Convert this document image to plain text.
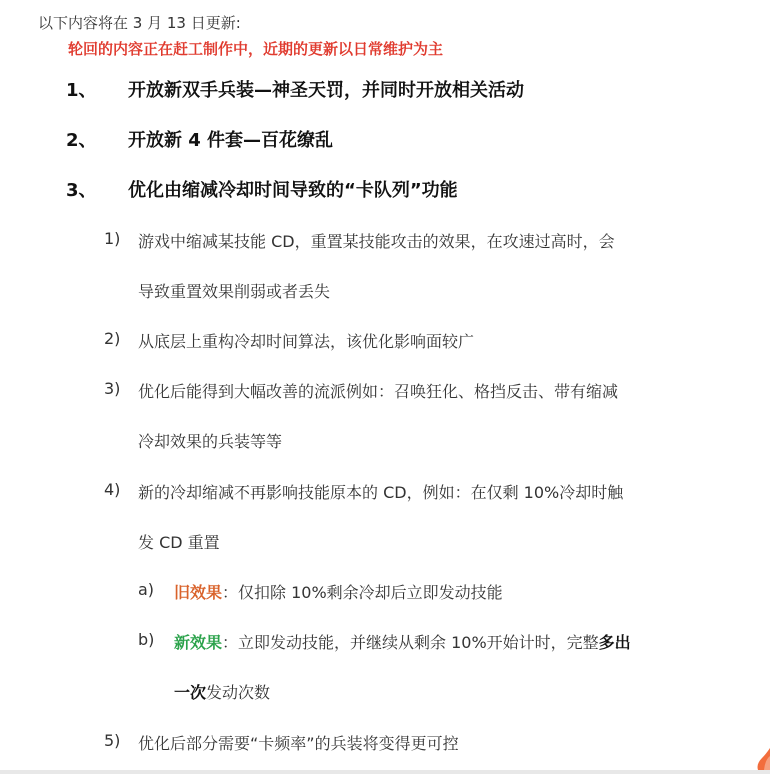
以下内容将在 3 月 13 日更新:
轮回的内容正在赶工制作中，近期的更新以日常维护为主
1、 开放新双手兵装—神圣天罚，并同时开放相关活动
2、 开放新 4 件套—百花缭乱
3、 优化由缩减冷却时间导致的“卡队列”功能
1) 游戏中缩减某技能 CD，重置某技能攻击的效果，在攻速过高时，会
导致重置效果削弱或者丢失
2) 从底层上重构冷却时间算法，该优化影响面较广
3) 优化后能得到大幅改善的流派例如：召唤狂化、格挡反击、带有缩减
冷却效果的兵装等等
4) 新的冷却缩减不再影响技能原本的 CD，例如：在仅剩 10%冷却时触
发 CD 重置
a) 旧效果：仅扣除 10%剩余冷却后立即发动技能
b) 新效果：立即发动技能，并继续从剩余 10%开始计时，完整多出
一次发动次数
5) 优化后部分需要“卡频率”的兵装将变得更可控
